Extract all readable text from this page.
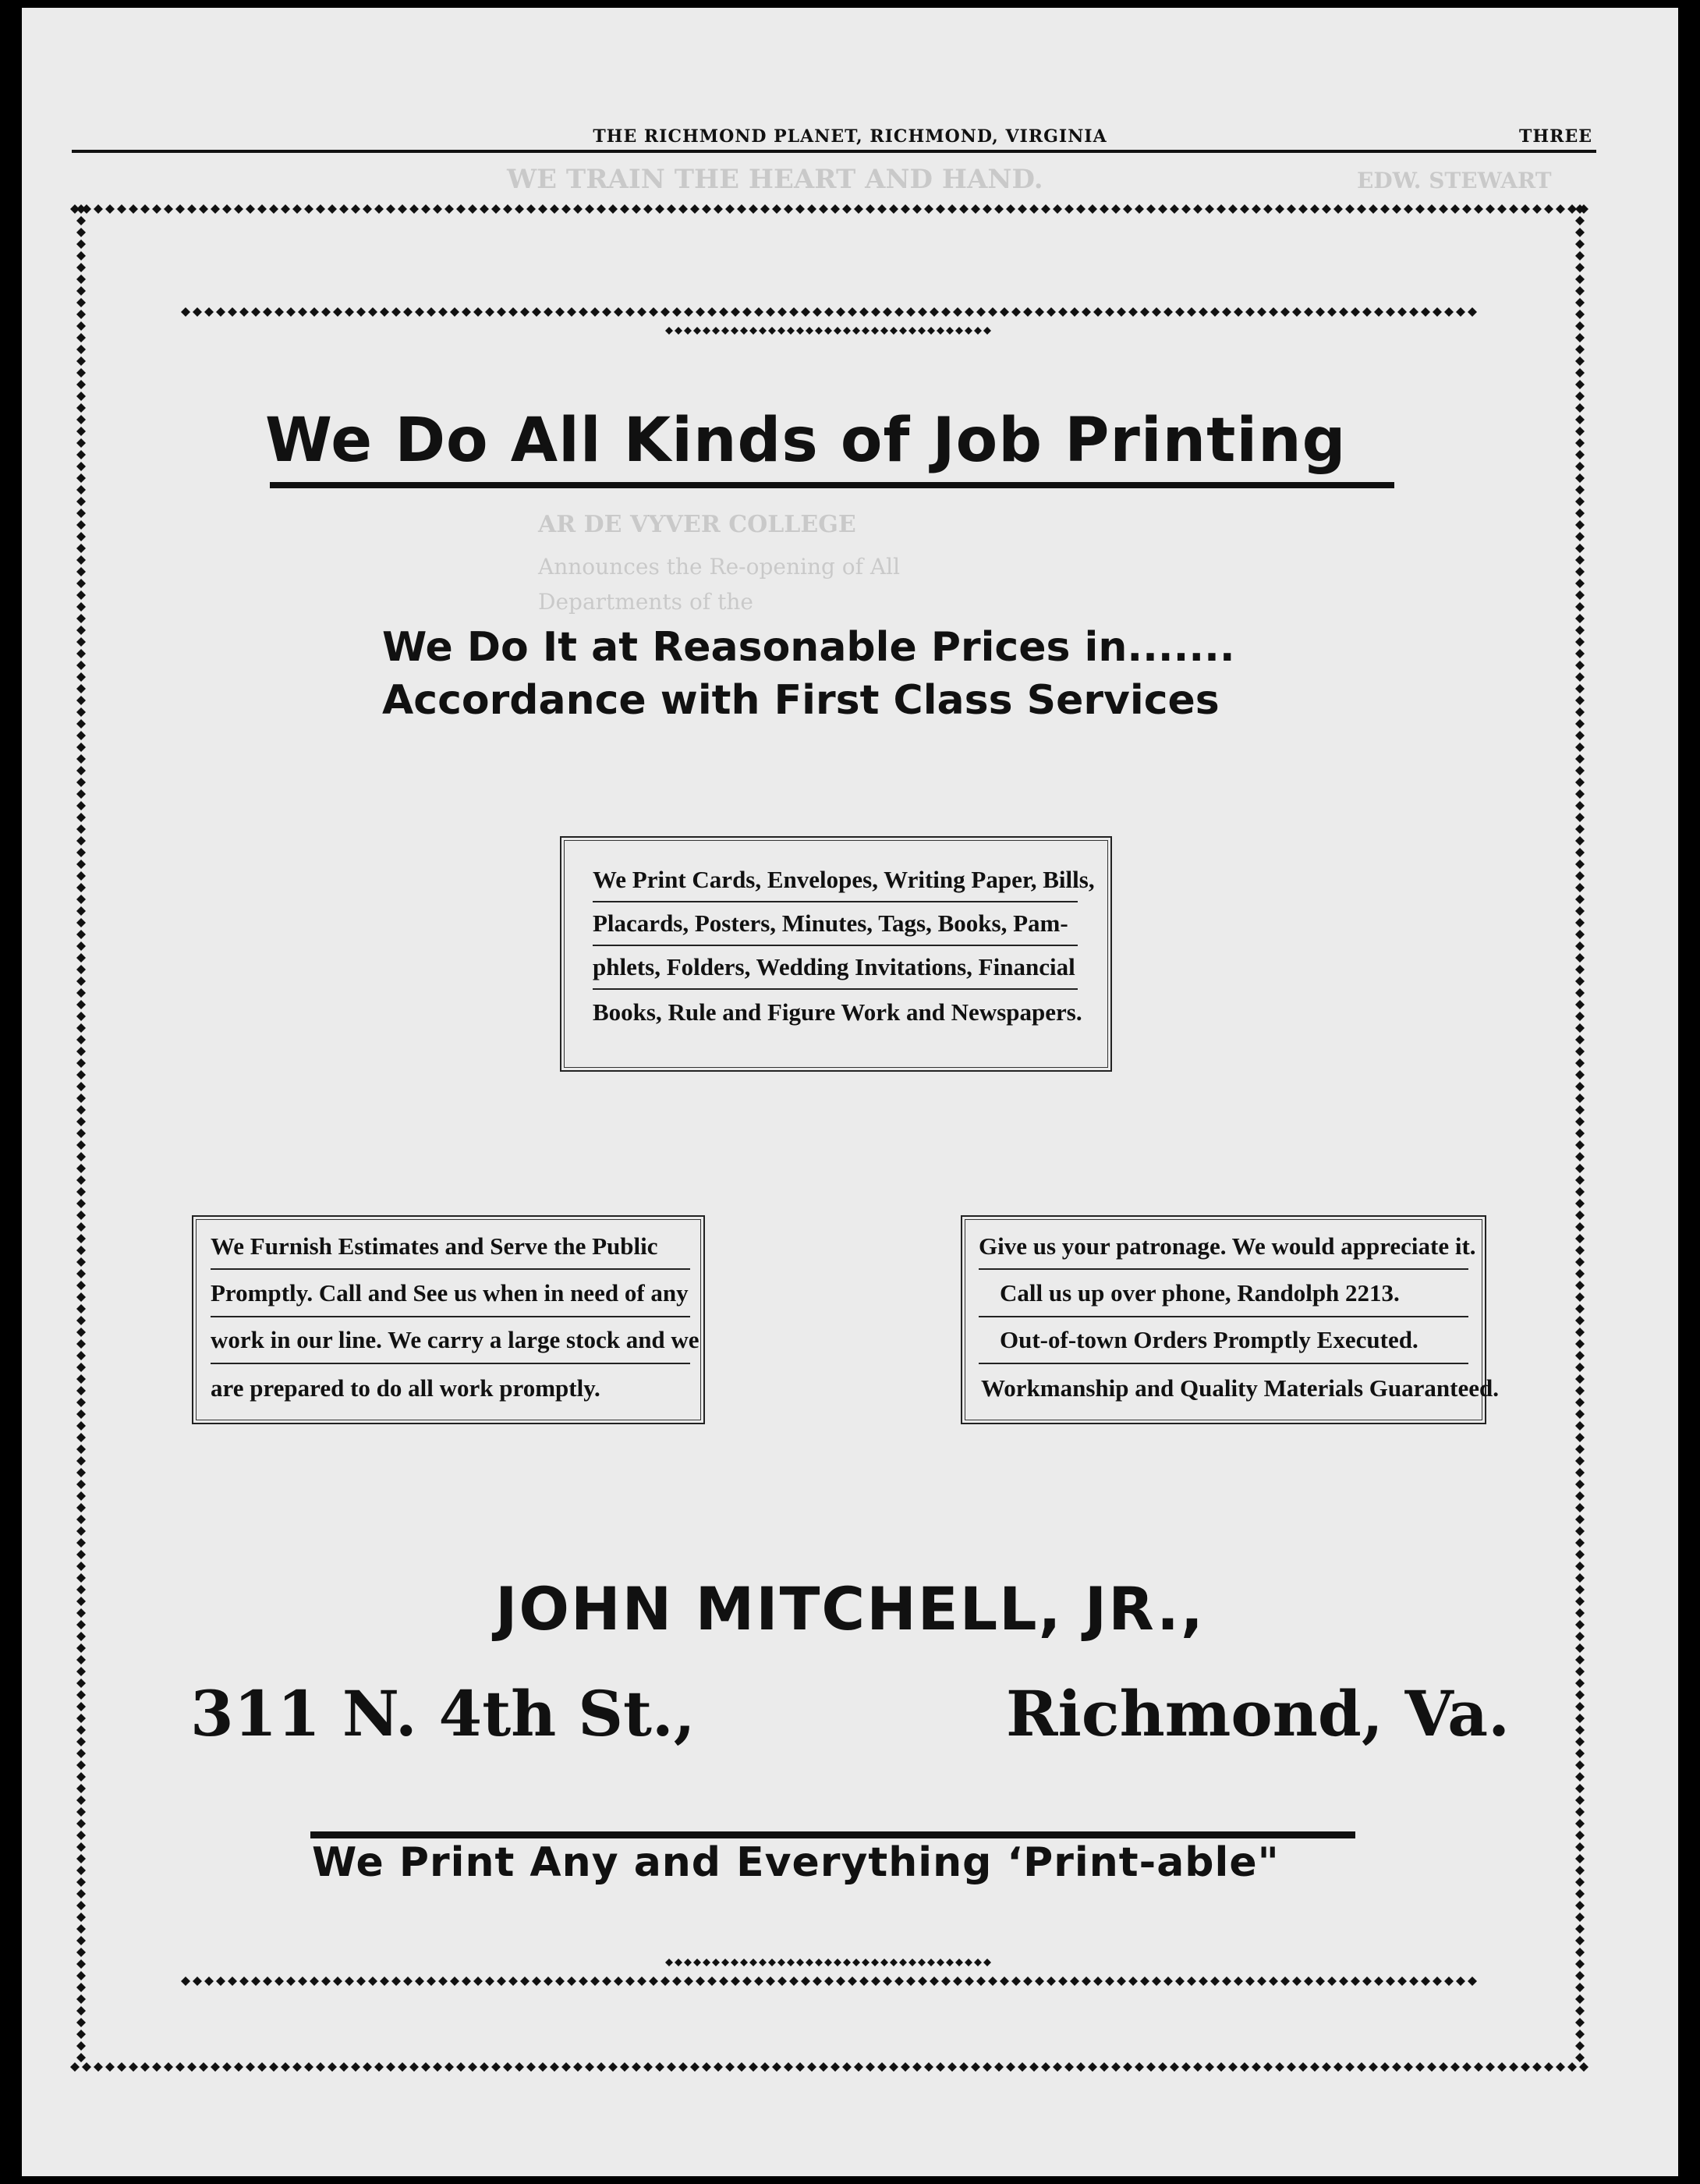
WE TRAIN THE HEART AND HAND.
AR DE VYVER COLLEGE
Announces the Re-opening of All
Departments of the
EDW. STEWART
THE RICHMOND PLANET, RICHMOND, VIRGINIA	THREE
We Do All Kinds of Job Printing
We Do It at Reasonable Prices in.......
Accordance with First Class Services
We Print Cards, Envelopes, Writing Paper, Bills,
Placards, Posters, Minutes, Tags, Books, Pam-
phlets, Folders, Wedding Invitations, Financial
Books, Rule and Figure Work and Newspapers.
We Furnish Estimates and Serve the Public
Promptly. Call and See us when in need of any
work in our line. We carry a large stock and we
are prepared to do all work promptly.
Give us your patronage. We would appreciate it.
Call us up over phone, Randolph 2213.
Out-of-town Orders Promptly Executed.
Workmanship and Quality Materials Guaranteed.
JOHN MITCHELL, JR.,
311 N. 4th St.,	Richmond, Va.
We Print Any and Everything ‘Print-able"
